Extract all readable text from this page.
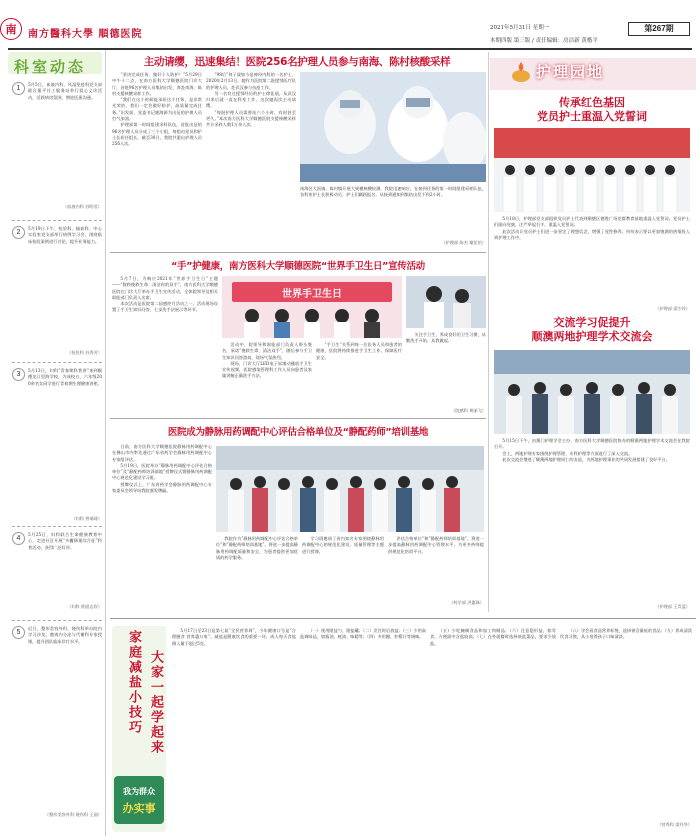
南	南方醫科大學 順德医院
2021年5月31日 星期一	第267期
本期四版 第三版 / 责任编辑：房洁新 黄楷平
科室动态
1
5月5日，血液内科、风湿免疫科党支部联合巢平社工服务站举行爱心义诊活动，活跃病房氛围，增进医患沟通。
（血液内科 苏明君）
2
5月19日下午，检验科、输血科、中心实验室党支部举行病例学习会，围绕临床检验案例进行讨论，提升业务能力。
（检验科 苏秀芳）
3
5月13日，妇科“青春期科普讲”来到顺德龙江里海学校，为该校五、六年级200余名女同学进行青春期生理健康讲座。
（妇科 曾瑞琦）
4
5月25日，妇科联合生命健康教育中心，走进社区开展“多囊卵巢综合征”科普活动，获得广泛好评。
（妇科 欧阳志钦）
5
近日，整形美容外科、烧伤科举办院内学习沙龙，邀请内分泌与代谢科专家授课，提升团队临床诊疗水平。
（整形美容外科 烧伤科 王丽）
主动请缨，迅速集结！医院256名护理人员参与南海、陈村核酸采样

“坚决完成任务，做好个人防护！”5月29日中午十二点，在南方医科大学顺德医院门诊大厅，首批96名护理人员集结出发，奔赴南海、陈村支援核酸采样工作。

“我们在这个时候能承担这个任务，是非常光荣的，我们一定会做好防护，高质量完成任务。”出发前，党委书记姚海源为出征的护理人员打气加油。

护理部第一时间组建采样队伍，首批出征的96名护理人员分成了三个小组，每组由党员和护士长担任组长，截至30日，我院共派出护理人员256人次。

“98后”何子晟如今是神经内科的一名护士，2020年2月13日，她作为医院第二批援鄂医疗队的护理人员，赴武汉参与抗疫工作。

另一名有过援鄂经历的护士徐佳丽，从武汉归来后就一直在科室工作，这次她再次主动请缨。

“每批护理人员需要站六个小时，有时甚至更久。”本次南方医科大学顺德医院支援核酸采样共计采样人数1万余人次。

南海区大沥镇、陈村镇开展大规模核酸检测，我院迅速响应，在接到任务的第一时间组建采样队伍，各科室护士长积极动员，护士们踊跃报名，从接到通知到集结出发不到2小时。
（护理部 陈杰 谢佳怡）
“手”护健康，南方医科大学顺德医院“世界手卫生日”宣传活动

5月7日，为响应2021年“世界手卫生日”主题——“数秒挽救生命：清洁你的双手”，南方医科大学顺德医院在门诊大厅举办手卫生宣传活动，全体院领导及相关职能部门负责人出席。

本次活动是医院第二届感控月活动之一，活动现场设置了手卫生知识问答、七步洗手法展示等环节。

世界手卫生日

活动中，院领导和职能部门负责人带头签名，承诺“挽救生命，清洁双手”，随后参与手卫生知识问答游戏，现场气氛热烈。

现场，门诊大厅LED电子屏滚动播放手卫生宣传视频，医院感染管理科工作人员向患者及家属讲解正确洗手方法。

“手卫生”关系到每一位医务人员和患者的健康，医院将持续推进手卫生工作，保障医疗安全。

关注手卫生，养成良好的卫生习惯，从勤洗手开始，从我做起。

（院感科 黄丽飞）
医院成为静脉用药调配中心评估合格单位及“静配药师”培训基地

日前，南方医科大学顺德医院静脉用药调配中心在佛山市内率先通过广东省药学会静脉用药调配中心专家组评估。

5月19日，医院举办“静脉用药调配中心评估合格单位”及“静配药师培训基地”授牌仪式暨静脉用药调配中心规范化建设学习班。

授牌仪式上，广东省药学会静脉用药调配中心专家委员会领导向我院颁发牌匾。

我院作为“静脉用药调配中心评估合格单位”和“静配药师培训基地”，将进一步提高静脉用药调配质量和安全，为患者提供更加优质的药学服务。

学习班邀请了省内知名专家围绕静脉用药调配中心的规范化建设、质量管理等主题进行授课。

评估合格单位”和“静配药师培训基地”，将进一步提高静脉用药调配中心管理水平，为更多药师提供规范化培训平台。

（药学部 洪惠珠）
护理园地
传承红色基因
党员护士重温入党誓词

5月18日，护理部党支部组织党员护士代表到顺德区德胜广场党群教育基地重温入党誓词。党员护士们面向党旗，庄严举起右手，重温入党誓词。

此次活动让党员护士们进一步坚定了理想信念，增强了党性修养，纷纷表示要以更加饱满的热情投入到护理工作中。

（护理部 梁少玲）
交流学习促提升
顺澳两地护理学术交流会

5月15日下午，由澳门护理学会主办、南方医科大学顺德医院协办的顺澳两地护理学术交流会在我院召开。

会上，两地护理专家围绕护理管理、专科护理等方面进行了深入交流。

此次交流会增进了顺澳两地护理同仁的友谊，为两地护理事业的共同发展搭建了良好平台。

（护理部 王青蓝）
家庭减盐小技巧 大家一起学起来
我为群众
办实事

5月17日至23日是第七届“全民营养周”，今年健康口号是“合理膳食 营养惠万家”。减盐是健康饮食的重要一环，成人每天食盐摄入量不超过5克。

（一）使用限盐勺、限盐罐；（二）烹饪时后放盐；（三）少用高盐调味品，如酱油、蚝油、味精等；（四）多用醋、柠檬汁等调味。

（五）少吃腌制食品和加工肉制品；（六）注意隐形盐，如零食、方便面中含盐较高；（七）在外就餐时选择低盐菜品，要求少放盐。

（八）学会看食品营养标签，选择钠含量低的食品；（九）养成清淡饮食习惯，从小培养孩子口味清淡。

（营养科 梁丹华）
